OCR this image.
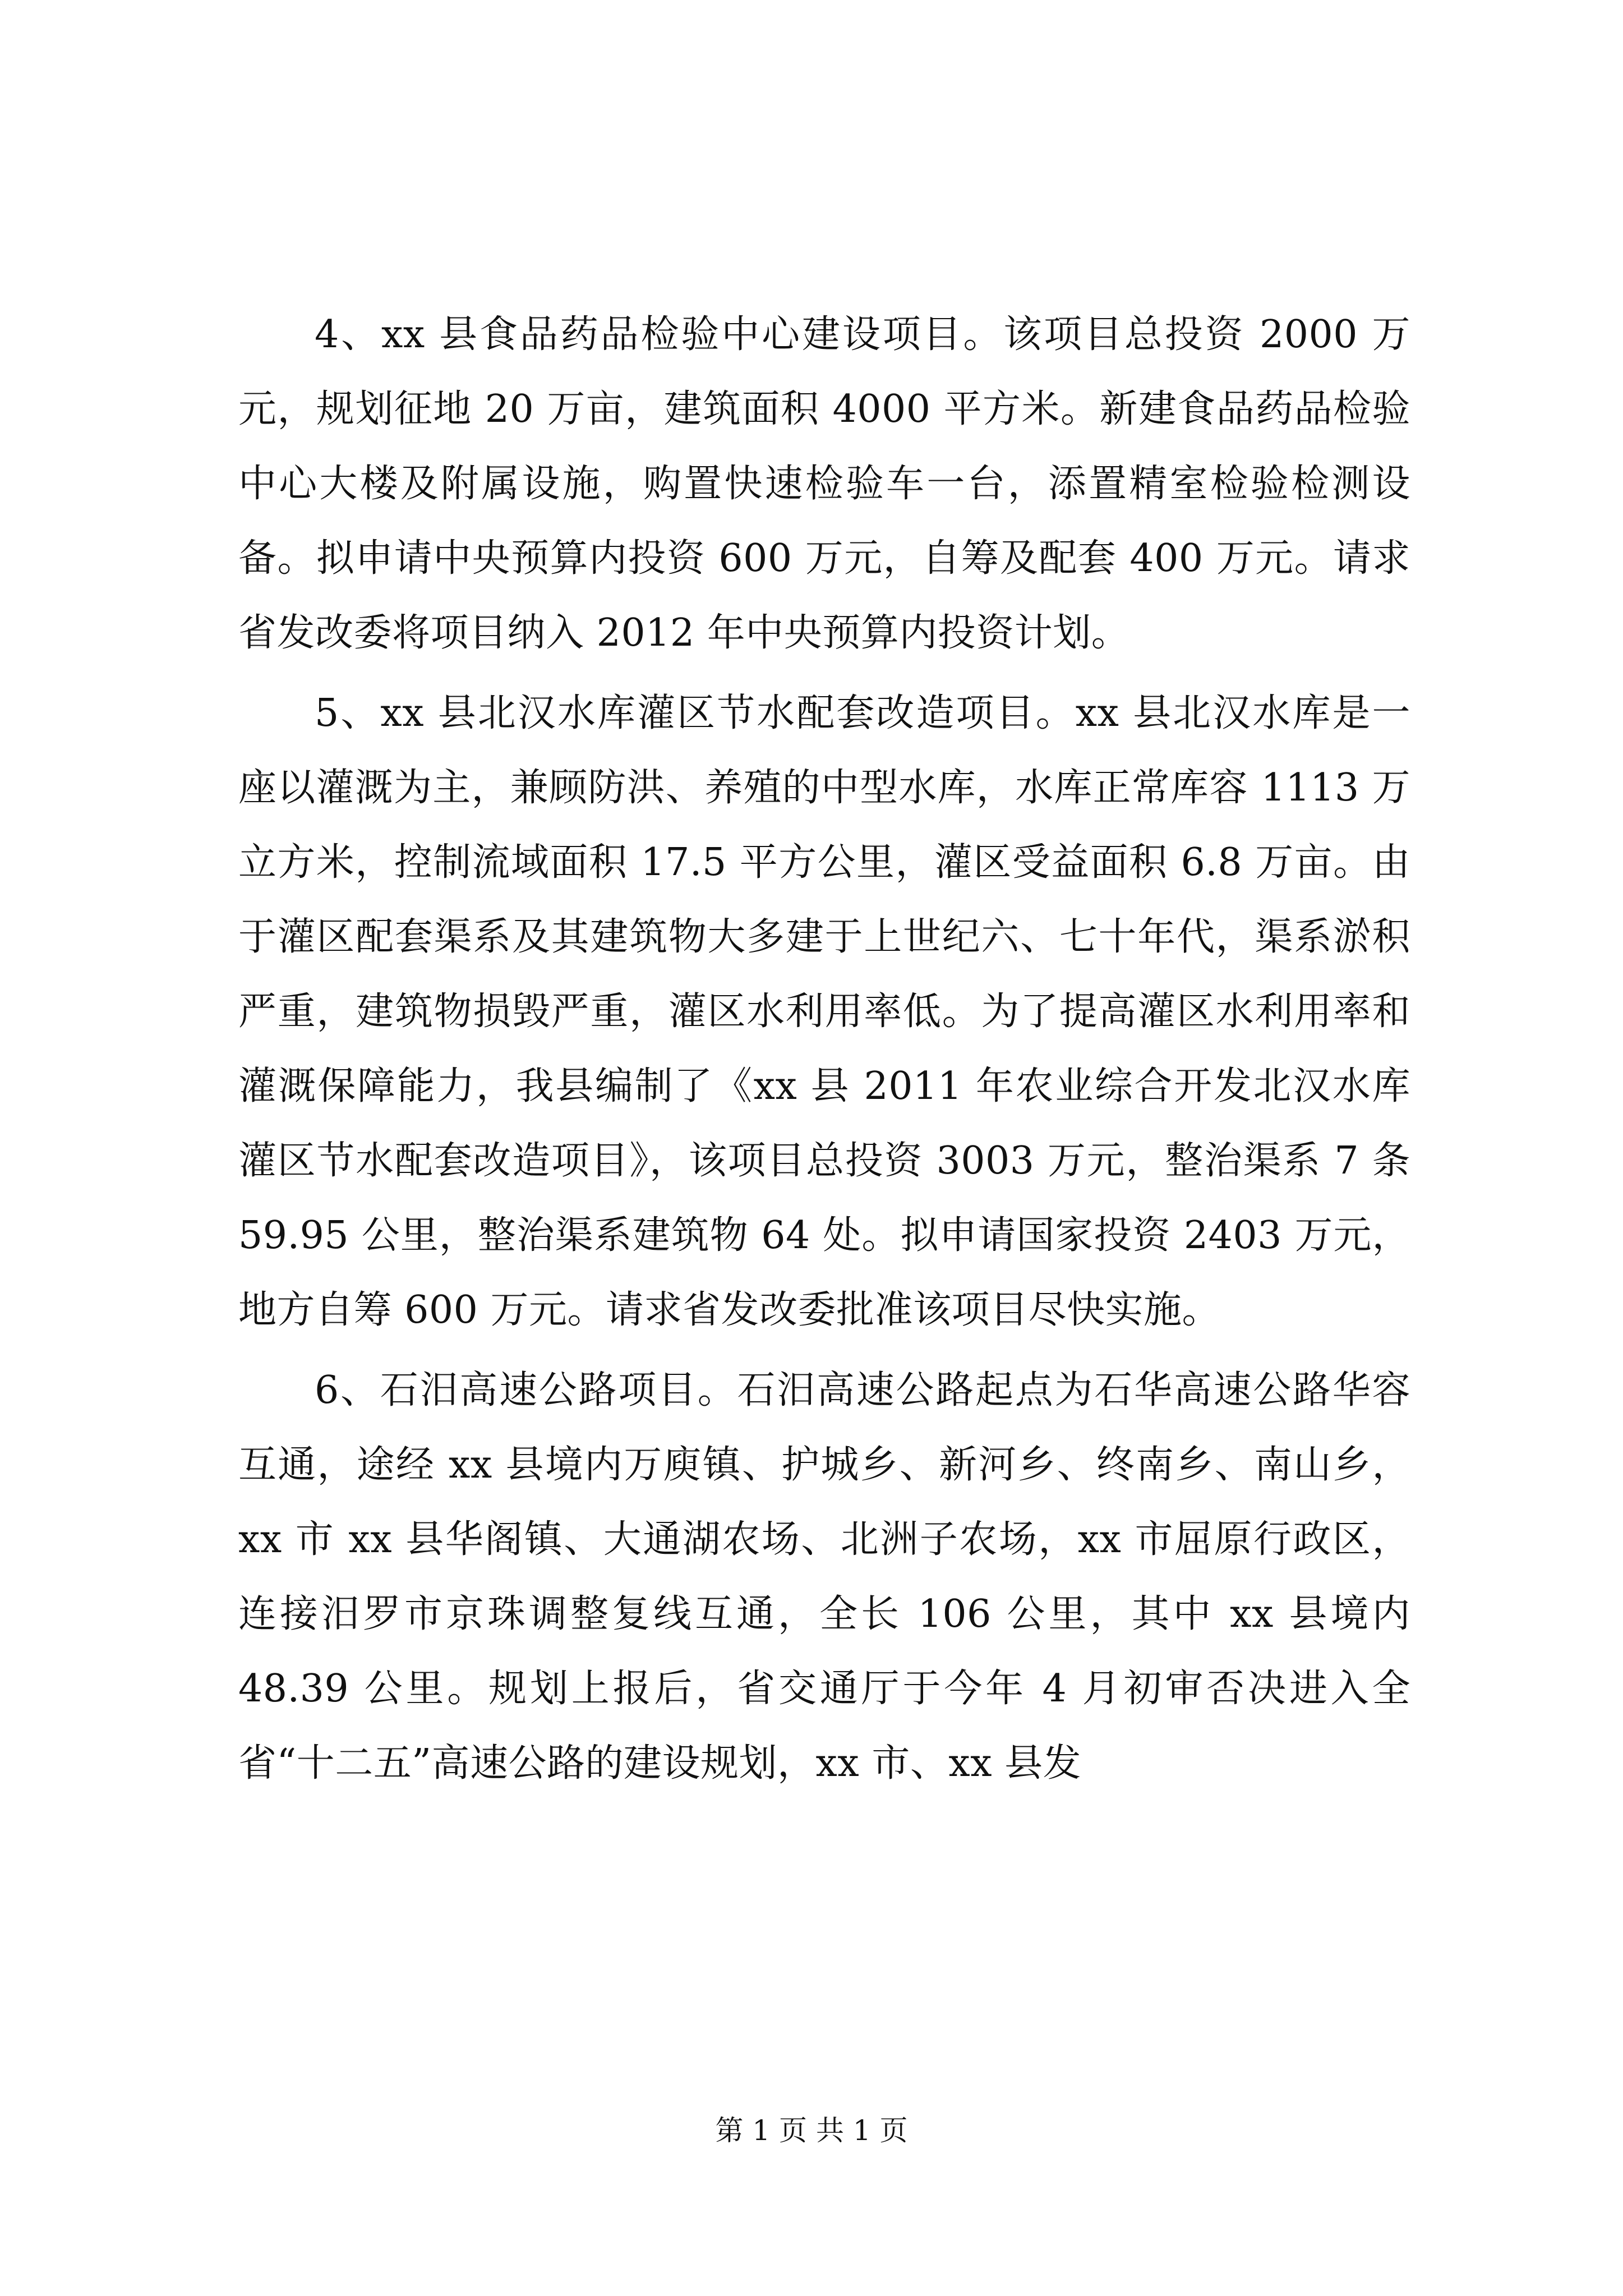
4、xx 县食品药品检验中心建设项目。该项目总投资 2000 万元，规划征地 20 万亩，建筑面积 4000 平方米。新建食品药品检验中心大楼及附属设施，购置快速检验车一台，添置精室检验检测设备。拟申请中央预算内投资 600 万元，自筹及配套 400 万元。请求省发改委将项目纳入 2012 年中央预算内投资计划。

5、xx 县北汉水库灌区节水配套改造项目。xx 县北汉水库是一座以灌溉为主，兼顾防洪、养殖的中型水库，水库正常库容 1113 万立方米，控制流域面积 17.5 平方公里，灌区受益面积 6.8 万亩。由于灌区配套渠系及其建筑物大多建于上世纪六、七十年代，渠系淤积严重，建筑物损毁严重，灌区水利用率低。为了提高灌区水利用率和灌溉保障能力，我县编制了《xx 县 2011 年农业综合开发北汉水库灌区节水配套改造项目》，该项目总投资 3003 万元，整治渠系 7 条 59.95 公里，整治渠系建筑物 64 处。拟申请国家投资 2403 万元，地方自筹 600 万元。请求省发改委批准该项目尽快实施。

6、石汨高速公路项目。石汨高速公路起点为石华高速公路华容互通，途经 xx 县境内万庾镇、护城乡、新河乡、终南乡、南山乡，xx 市 xx 县华阁镇、大通湖农场、北洲子农场，xx 市屈原行政区，连接汨罗市京珠调整复线互通，全长 106 公里，其中 xx 县境内 48.39 公里。规划上报后，省交通厅于今年 4 月初审否决进入全省“十二五”高速公路的建设规划，xx 市、xx 县发

第 1 页 共 1 页
